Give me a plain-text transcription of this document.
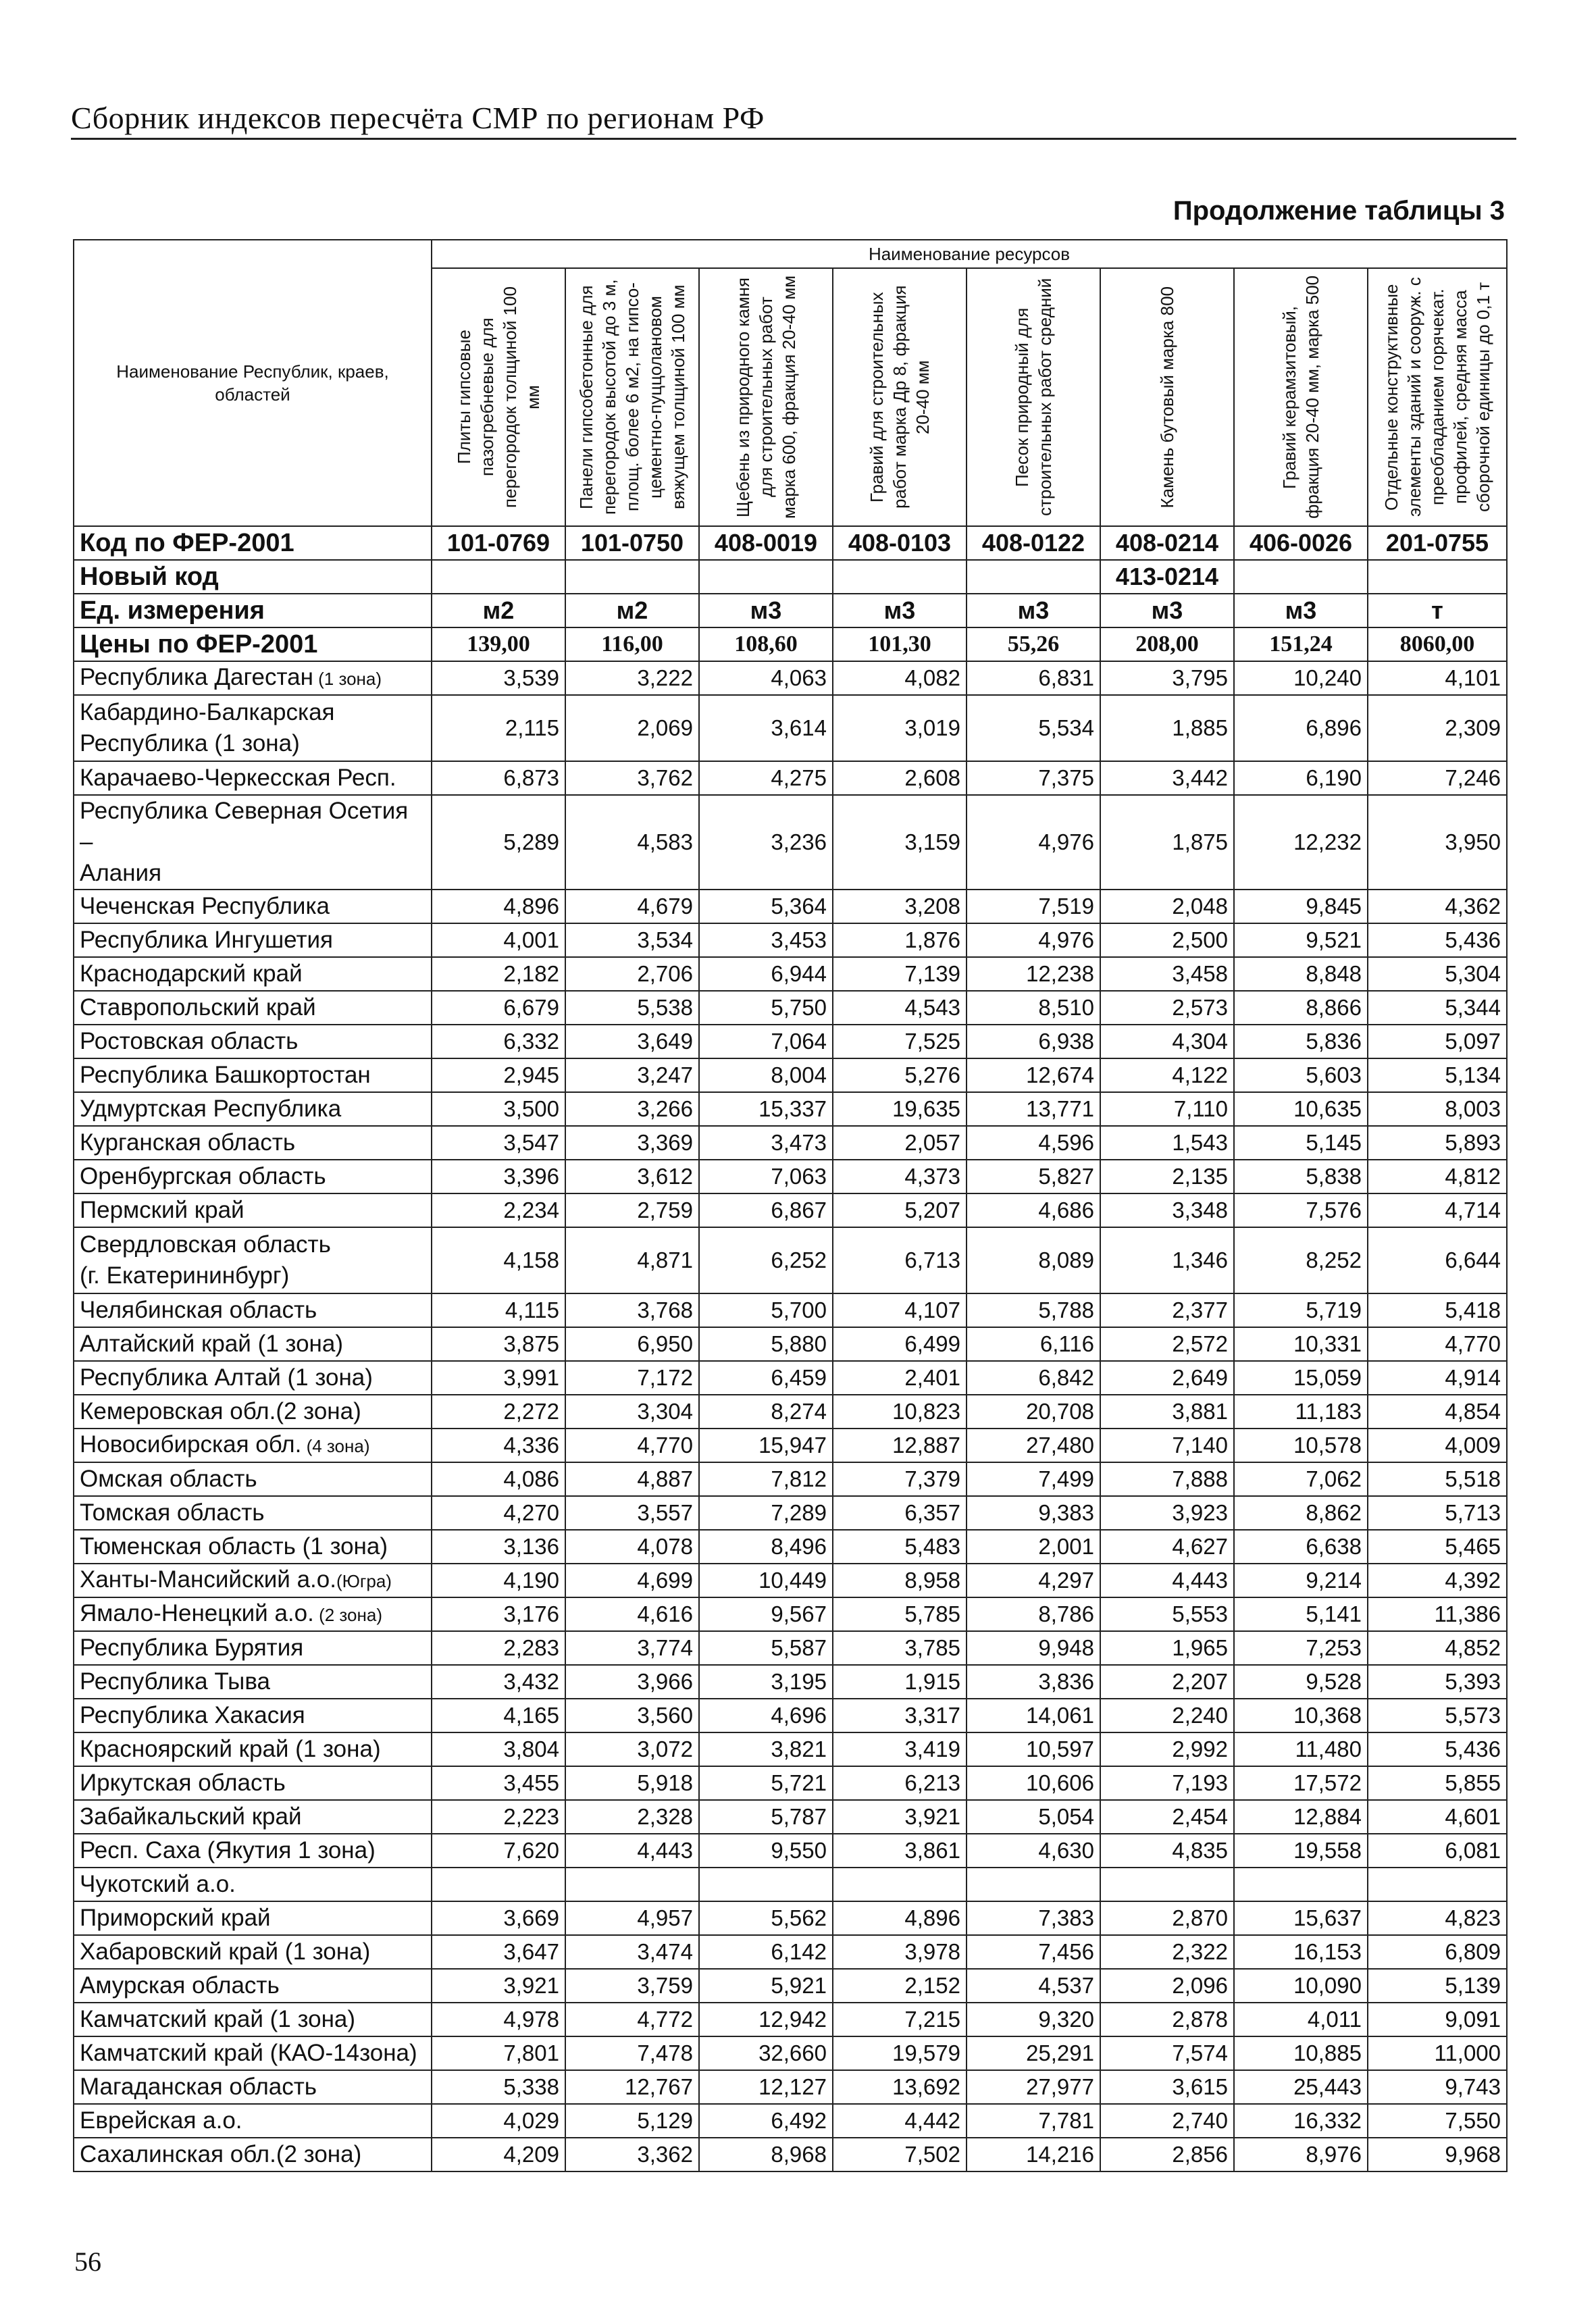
Сборник индексов пересчёта СМР по регионам РФ
Продолжение таблицы 3
Наименование Республик, краев, областей	Наименование ресурсов							

	Плиты гипсовые пазогребневые для перегородок толщиной 100 мм	Панели гипсобетонные для перегородок высотой до 3 м, площ. более 6 м2, на гипсо-цементно-пуццолановом вяжущем толщиной 100 мм	Щебень из природного камня для строительных работ марка 600, фракция 20-40 мм	Гравий для строительных работ марка Др 8, фракция 20-40 мм	Песок природный для строительных работ средний	Камень бутовый марка 800	Гравий керамзитовый, фракция 20-40 мм, марка 500	Отдельные конструктивные элементы зданий и сооруж. с преобладанием горячекат. профилей, средняя масса сборочной единицы до 0,1 т

Код по ФЕР-2001	101-0769	101-0750	408-0019	408-0103	408-0122	408-0214	406-0026	201-0755
Новый код						413-0214		
Ед. измерения	м2	м2	м3	м3	м3	м3	м3	т
Цены по ФЕР-2001	139,00	116,00	108,60	101,30	55,26	208,00	151,24	8060,00
Республика Дагестан (1 зона)	3,539	3,222	4,063	4,082	6,831	3,795	10,240	4,101
Кабардино-Балкарская
Республика (1 зона)	2,115	2,069	3,614	3,019	5,534	1,885	6,896	2,309
Карачаево-Черкесская Респ.	6,873	3,762	4,275	2,608	7,375	3,442	6,190	7,246
Республика Северная Осетия –
Алания	5,289	4,583	3,236	3,159	4,976	1,875	12,232	3,950
Чеченская Республика	4,896	4,679	5,364	3,208	7,519	2,048	9,845	4,362
Республика Ингушетия	4,001	3,534	3,453	1,876	4,976	2,500	9,521	5,436
Краснодарский край	2,182	2,706	6,944	7,139	12,238	3,458	8,848	5,304
Ставропольский край	6,679	5,538	5,750	4,543	8,510	2,573	8,866	5,344
Ростовская область	6,332	3,649	7,064	7,525	6,938	4,304	5,836	5,097
Республика Башкортостан	2,945	3,247	8,004	5,276	12,674	4,122	5,603	5,134
Удмуртская Республика	3,500	3,266	15,337	19,635	13,771	7,110	10,635	8,003
Курганская область	3,547	3,369	3,473	2,057	4,596	1,543	5,145	5,893
Оренбургская область	3,396	3,612	7,063	4,373	5,827	2,135	5,838	4,812
Пермский край	2,234	2,759	6,867	5,207	4,686	3,348	7,576	4,714
Свердловская область
(г. Екатерининбург)	4,158	4,871	6,252	6,713	8,089	1,346	8,252	6,644
Челябинская область	4,115	3,768	5,700	4,107	5,788	2,377	5,719	5,418
Алтайский край (1 зона)	3,875	6,950	5,880	6,499	6,116	2,572	10,331	4,770
Республика Алтай (1 зона)	3,991	7,172	6,459	2,401	6,842	2,649	15,059	4,914
Кемеровская обл.(2 зона)	2,272	3,304	8,274	10,823	20,708	3,881	11,183	4,854
Новосибирская обл. (4 зона)	4,336	4,770	15,947	12,887	27,480	7,140	10,578	4,009
Омская область	4,086	4,887	7,812	7,379	7,499	7,888	7,062	5,518
Томская область	4,270	3,557	7,289	6,357	9,383	3,923	8,862	5,713
Тюменская область (1 зона)	3,136	4,078	8,496	5,483	2,001	4,627	6,638	5,465
Ханты-Мансийский а.о.(Югра)	4,190	4,699	10,449	8,958	4,297	4,443	9,214	4,392
Ямало-Ненецкий а.о. (2 зона)	3,176	4,616	9,567	5,785	8,786	5,553	5,141	11,386
Республика Бурятия	2,283	3,774	5,587	3,785	9,948	1,965	7,253	4,852
Республика Тыва	3,432	3,966	3,195	1,915	3,836	2,207	9,528	5,393
Республика Хакасия	4,165	3,560	4,696	3,317	14,061	2,240	10,368	5,573
Красноярский край (1 зона)	3,804	3,072	3,821	3,419	10,597	2,992	11,480	5,436
Иркутская область	3,455	5,918	5,721	6,213	10,606	7,193	17,572	5,855
Забайкальский край	2,223	2,328	5,787	3,921	5,054	2,454	12,884	4,601
Респ. Саха (Якутия 1 зона)	7,620	4,443	9,550	3,861	4,630	4,835	19,558	6,081
Чукотский а.о.								
Приморский край	3,669	4,957	5,562	4,896	7,383	2,870	15,637	4,823
Хабаровский край (1 зона)	3,647	3,474	6,142	3,978	7,456	2,322	16,153	6,809
Амурская область	3,921	3,759	5,921	2,152	4,537	2,096	10,090	5,139
Камчатский край (1 зона)	4,978	4,772	12,942	7,215	9,320	2,878	4,011	9,091
Камчатский край (КАО-14зона)	7,801	7,478	32,660	19,579	25,291	7,574	10,885	11,000
Магаданская область	5,338	12,767	12,127	13,692	27,977	3,615	25,443	9,743
Еврейская а.о.	4,029	5,129	6,492	4,442	7,781	2,740	16,332	7,550
Сахалинская обл.(2 зона)	4,209	3,362	8,968	7,502	14,216	2,856	8,976	9,968
56
